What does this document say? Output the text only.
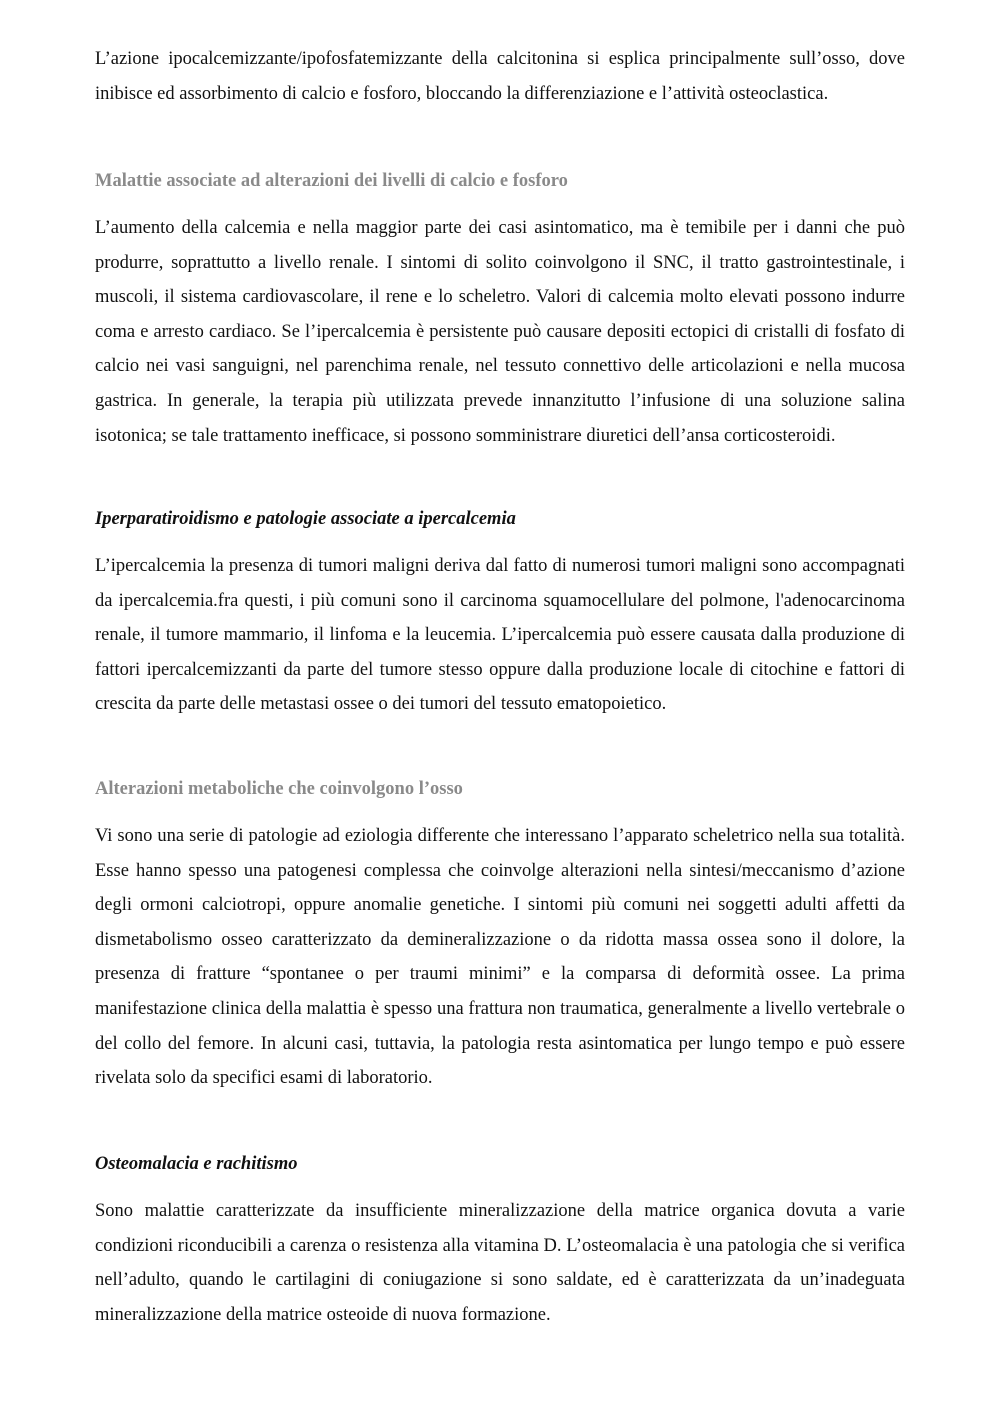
L’azione ipocalcemizzante/ipofosfatemizzante della calcitonina si esplica principalmente sull’osso, dove inibisce ed assorbimento di calcio e fosforo, bloccando la differenziazione e l’attività osteoclastica.

Malattie associate ad alterazioni dei livelli di calcio e fosforo

L’aumento della calcemia e nella maggior parte dei casi asintomatico, ma è temibile per i danni che può produrre, soprattutto a livello renale. I sintomi di solito coinvolgono il SNC, il tratto gastrointestinale, i muscoli, il sistema cardiovascolare, il rene e lo scheletro. Valori di calcemia molto elevati possono indurre coma e arresto cardiaco. Se l’ipercalcemia è persistente può causare depositi ectopici di cristalli di fosfato di calcio nei vasi sanguigni, nel parenchima renale, nel tessuto connettivo delle articolazioni e nella mucosa gastrica. In generale, la terapia più utilizzata prevede innanzitutto l’infusione di una soluzione salina isotonica; se tale trattamento inefficace, si possono somministrare diuretici dell’ansa corticosteroidi.

Iperparatiroidismo e patologie associate a ipercalcemia

L’ipercalcemia la presenza di tumori maligni deriva dal fatto di numerosi tumori maligni sono accompagnati da ipercalcemia.fra questi, i più comuni sono il carcinoma squamocellulare del polmone, l'adenocarcinoma renale, il tumore mammario, il linfoma e la leucemia. L’ipercalcemia può essere causata dalla produzione di fattori ipercalcemizzanti da parte del tumore stesso oppure dalla produzione locale di citochine e fattori di crescita da parte delle metastasi ossee o dei tumori del tessuto ematopoietico.

Alterazioni metaboliche che coinvolgono l’osso

Vi sono una serie di patologie ad eziologia differente che interessano l’apparato scheletrico nella sua totalità. Esse hanno spesso una patogenesi complessa che coinvolge alterazioni nella sintesi/meccanismo d’azione degli ormoni calciotropi, oppure anomalie genetiche. I sintomi più comuni nei soggetti adulti affetti da dismetabolismo osseo caratterizzato da demineralizzazione o da ridotta massa ossea sono il dolore, la presenza di fratture “spontanee o per traumi minimi” e la comparsa di deformità ossee. La prima manifestazione clinica della malattia è spesso una frattura non traumatica, generalmente a livello vertebrale o del collo del femore. In alcuni casi, tuttavia, la patologia resta asintomatica per lungo tempo e può essere rivelata solo da specifici esami di laboratorio.

Osteomalacia e rachitismo

Sono malattie caratterizzate da insufficiente mineralizzazione della matrice organica dovuta a varie condizioni riconducibili a carenza o resistenza alla vitamina D. L’osteomalacia è una patologia che si verifica nell’adulto, quando le cartilagini di coniugazione si sono saldate, ed è caratterizzata da un’inadeguata mineralizzazione della matrice osteoide di nuova formazione.
